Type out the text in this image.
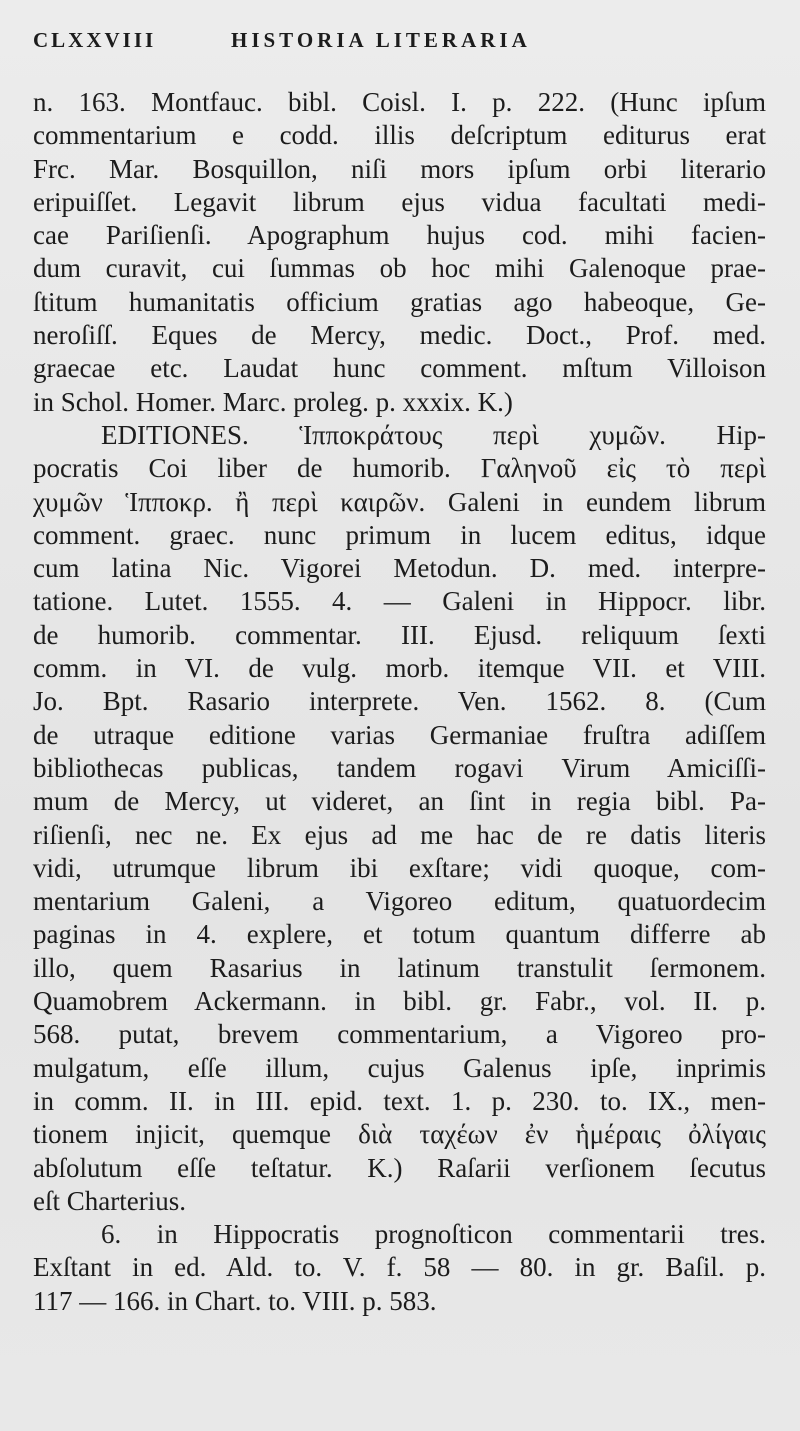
CLXXVIII	HISTORIA LITERARIA
n. 163. Montfauc. bibl. Coisl. I. p. 222. (Hunc ipſum
commentarium e codd. illis deſcriptum editurus erat
Frc. Mar. Bosquillon, niſi mors ipſum orbi literario
eripuiſſet. Legavit librum ejus vidua facultati medi-
cae Pariſienſi. Apographum hujus cod. mihi facien-
dum curavit, cui ſummas ob hoc mihi Galenoque prae-
ſtitum humanitatis officium gratias ago habeoque, Ge-
neroſiſſ. Eques de Mercy, medic. Doct., Prof. med.
graecae etc. Laudat hunc comment. mſtum Villoison
in Schol. Homer. Marc. proleg. p. xxxix. K.)
EDITIONES. Ἱπποκράτους περὶ χυμῶν. Hip-
pocratis Coi liber de humorib. Γαληνοῦ εἰς τὸ περὶ
χυμῶν Ἱπποκρ. ἢ περὶ καιρῶν. Galeni in eundem librum
comment. graec. nunc primum in lucem editus, idque
cum latina Nic. Vigorei Metodun. D. med. interpre-
tatione. Lutet. 1555. 4. — Galeni in Hippocr. libr.
de humorib. commentar. III. Ejusd. reliquum ſexti
comm. in VI. de vulg. morb. itemque VII. et VIII.
Jo. Bpt. Rasario interprete. Ven. 1562. 8. (Cum
de utraque editione varias Germaniae fruſtra adiſſem
bibliothecas publicas, tandem rogavi Virum Amiciſſi-
mum de Mercy, ut videret, an ſint in regia bibl. Pa-
riſienſi, nec ne. Ex ejus ad me hac de re datis literis
vidi, utrumque librum ibi exſtare; vidi quoque, com-
mentarium Galeni, a Vigoreo editum, quatuordecim
paginas in 4. explere, et totum quantum differre ab
illo, quem Rasarius in latinum transtulit ſermonem.
Quamobrem Ackermann. in bibl. gr. Fabr., vol. II. p.
568. putat, brevem commentarium, a Vigoreo pro-
mulgatum, eſſe illum, cujus Galenus ipſe, inprimis
in comm. II. in III. epid. text. 1. p. 230. to. IX., men-
tionem injicit, quemque διὰ ταχέων ἐν ἡμέραις ὀλίγαις
abſolutum eſſe teſtatur. K.) Raſarii verſionem ſecutus
eſt Charterius.
6. in Hippocratis prognoſticon commentarii tres.
Exſtant in ed. Ald. to. V. f. 58 — 80. in gr. Baſil. p.
117 — 166. in Chart. to. VIII. p. 583.
